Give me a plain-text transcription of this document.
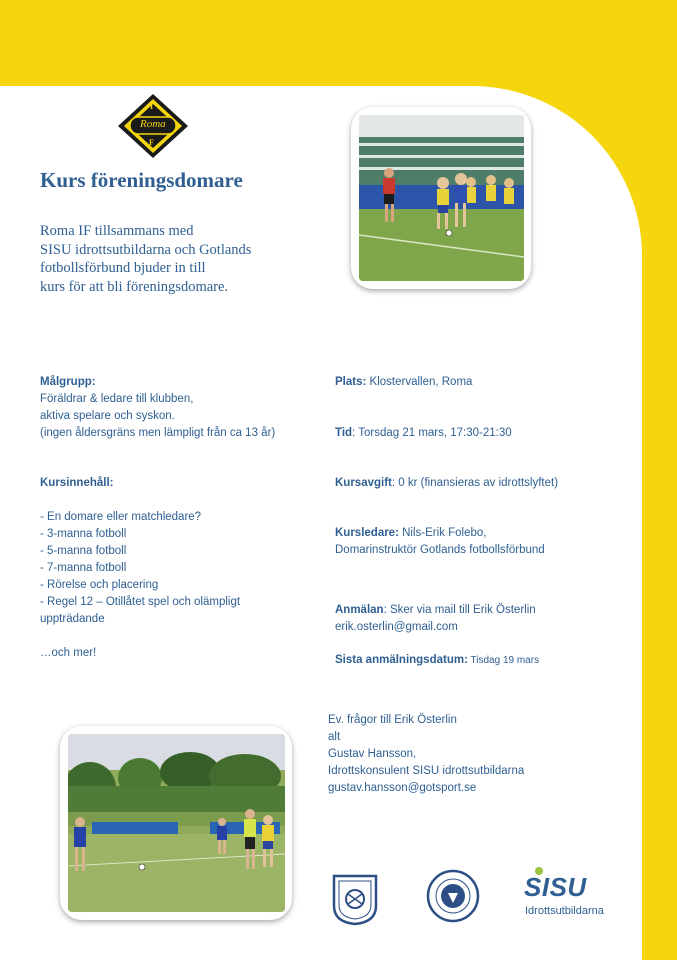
Roma
I
F
Kurs föreningsdomare
Roma IF tillsammans med
SISU idrottsutbildarna och Gotlands
fotbollsförbund bjuder in till
kurs för att bli föreningsdomare.
Målgrupp:
Föräldrar & ledare till klubben,
aktiva spelare och syskon.
(ingen åldersgräns men lämpligt från ca 13 år)
Kursinnehåll:
- En domare eller matchledare?
- 3-manna fotboll
- 5-manna fotboll
- 7-manna fotboll
- Rörelse och placering
- Regel 12 – Otillåtet spel och olämpligt
uppträdande
…och mer!
Plats: Klostervallen, Roma
Tid: Torsdag 21 mars, 17:30-21:30
Kursavgift: 0 kr (finansieras av idrottslyftet)
Kursledare: Nils-Erik Folebo,
Domarinstruktör Gotlands fotbollsförbund
Anmälan: Sker via mail till Erik Österlin
erik.osterlin@gmail.com
Sista anmälningsdatum: Tisdag 19 mars
Ev. frågor till Erik Österlin
alt
Gustav Hansson,
Idrottskonsulent SISU idrottsutbildarna
gustav.hansson@gotsport.se
SISU
Idrottsutbildarna
